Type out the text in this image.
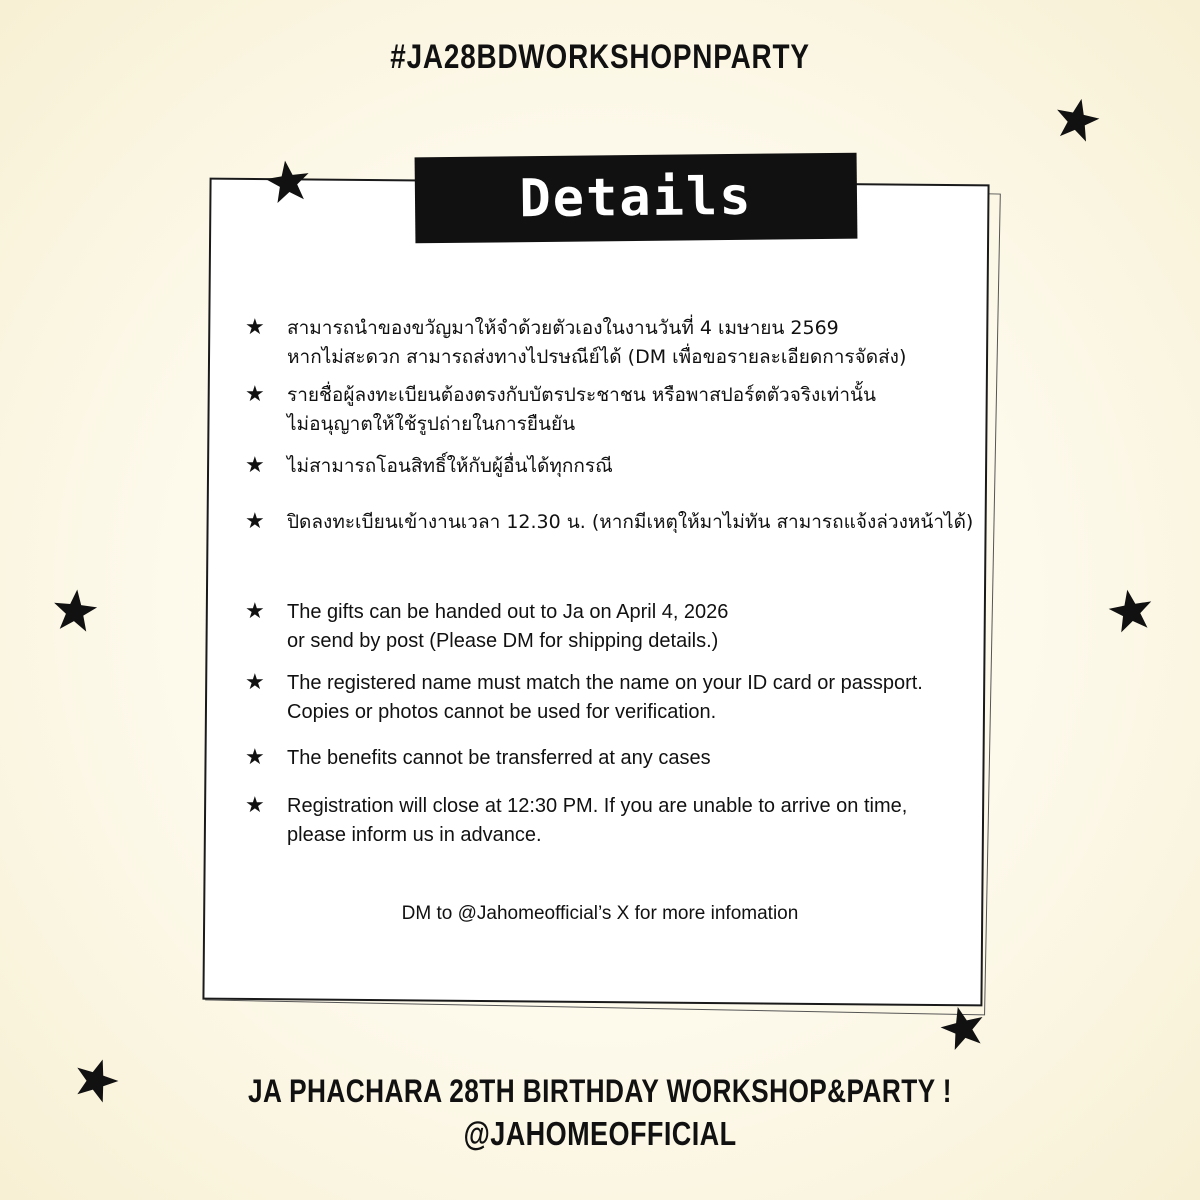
#JA28BDWORKSHOPNPARTY
Details
★ สามารถนำของขวัญมาให้จำด้วยตัวเองในงานวันที่ 4 เมษายน 2569
หากไม่สะดวก สามารถส่งทางไปรษณีย์ได้ (DM เพื่อขอรายละเอียดการจัดส่ง)
★ รายชื่อผู้ลงทะเบียนต้องตรงกับบัตรประชาชน หรือพาสปอร์ตตัวจริงเท่านั้น
ไม่อนุญาตให้ใช้รูปถ่ายในการยืนยัน
★ ไม่สามารถโอนสิทธิ์ให้กับผู้อื่นได้ทุกกรณี
★ ปิดลงทะเบียนเข้างานเวลา 12.30 น. (หากมีเหตุให้มาไม่ทัน สามารถแจ้งล่วงหน้าได้)
★ The gifts can be handed out to Ja on April 4, 2026
or send by post (Please DM for shipping details.)
★ The registered name must match the name on your ID card or passport.
Copies or photos cannot be used for verification.
★ The benefits cannot be transferred at any cases
★ Registration will close at 12:30 PM. If you are unable to arrive on time,
please inform us in advance.
DM to @Jahomeofficial’s X for more infomation
JA PHACHARA 28TH BIRTHDAY WORKSHOP&PARTY !
@JAHOMEOFFICIAL
